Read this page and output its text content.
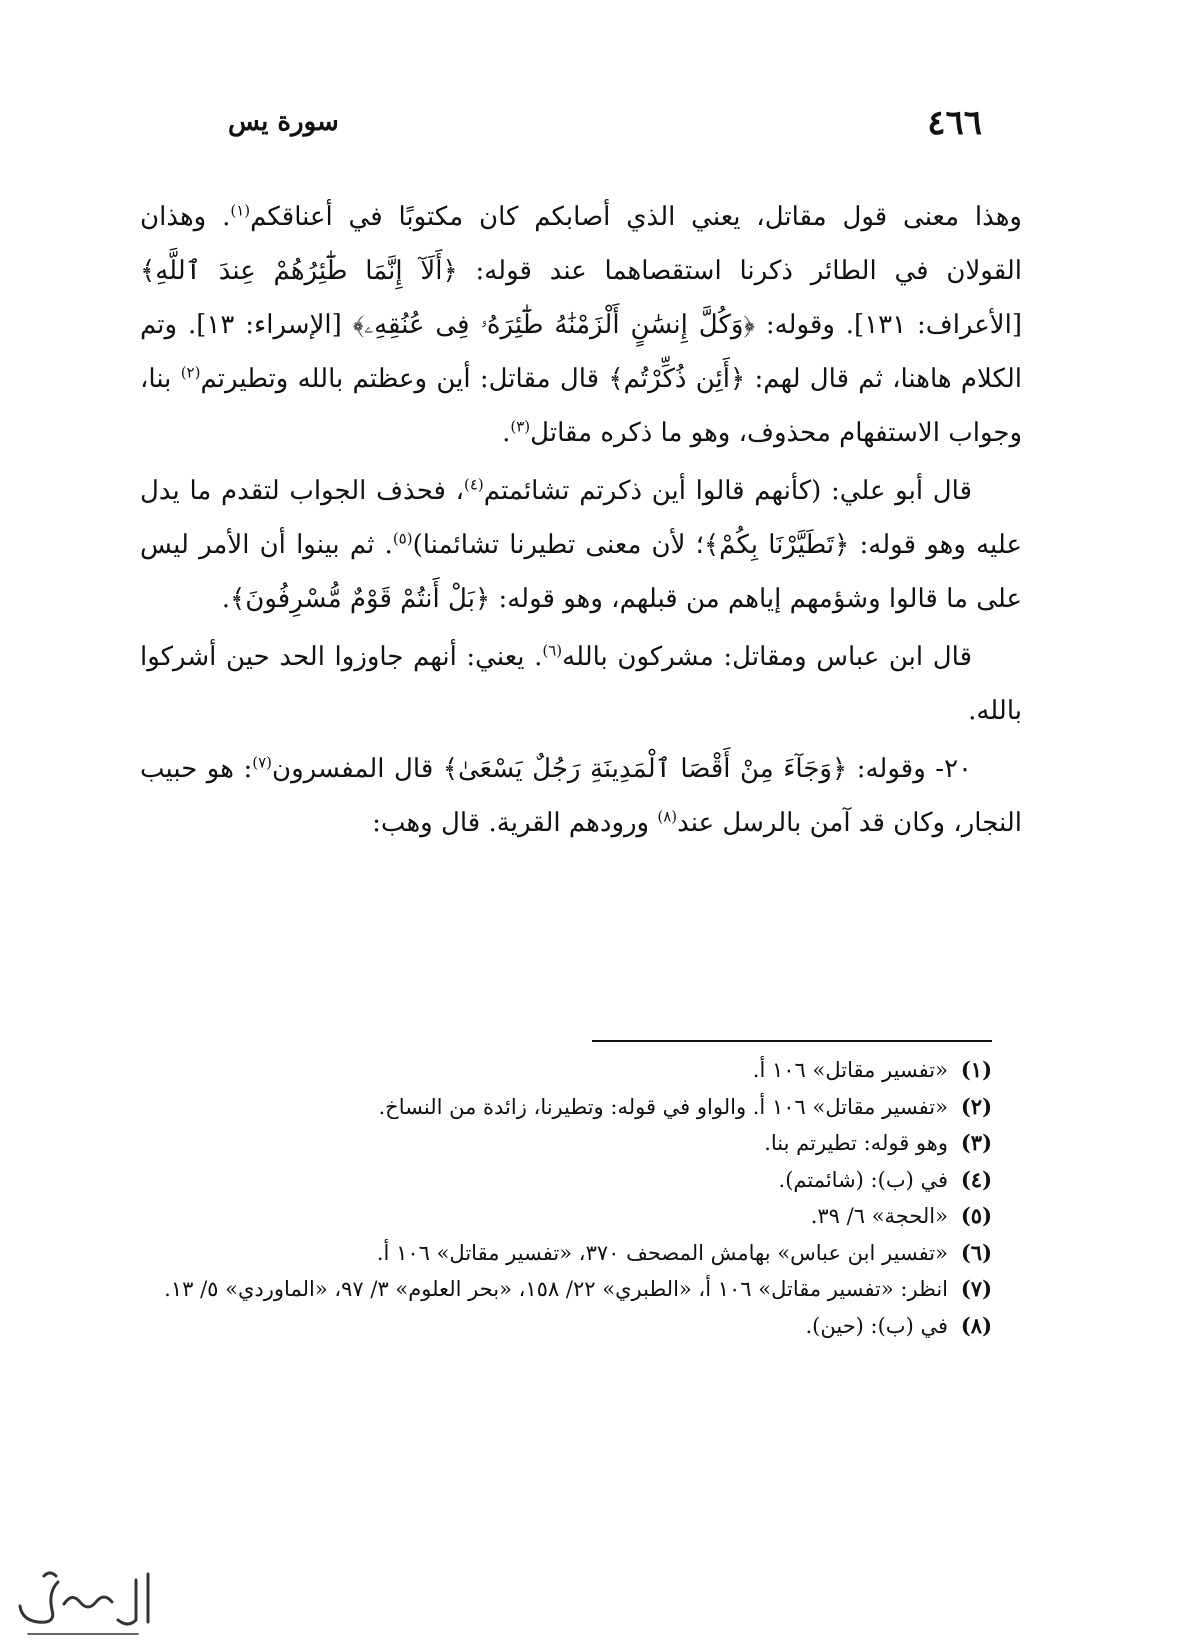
٤٦٦
سورة يس

وهذا معنى قول مقاتل، يعني الذي أصابكم كان مكتوبًا في أعناقكم$^{(١)}$. وهذان القولان في الطائر ذكرنا استقصاهما عند قوله: ﴿أَلَآ إِنَّمَا طَٰٓئِرُهُمْ عِندَ ٱللَّهِ﴾ [الأعراف: ١٣١]. وقوله: ﴿وَكُلَّ إِنسَٰنٍ أَلْزَمْنَٰهُ طَٰٓئِرَهُۥ فِى عُنُقِهِۦ﴾ [الإسراء: ١٣]. وتم الكلام هاهنا، ثم قال لهم: ﴿أَئِن ذُكِّرْتُم﴾ قال مقاتل: أين وعظتم بالله وتطيرتم$^{(٢)}$ بنا، وجواب الاستفهام محذوف، وهو ما ذكره مقاتل$^{(٣)}$.

قال أبو علي: (كأنهم قالوا أين ذكرتم تشائمتم$^{(٤)}$، فحذف الجواب لتقدم ما يدل عليه وهو قوله: ﴿تَطَيَّرْنَا بِكُمْ﴾؛ لأن معنى تطيرنا تشائمنا)$^{(٥)}$. ثم بينوا أن الأمر ليس على ما قالوا وشؤمهم إياهم من قبلهم، وهو قوله: ﴿بَلْ أَنتُمْ قَوْمٌ مُّسْرِفُونَ﴾.

قال ابن عباس ومقاتل: مشركون بالله$^{(٦)}$. يعني: أنهم جاوزوا الحد حين أشركوا بالله.

٢٠- وقوله: ﴿وَجَآءَ مِنْ أَقْصَا ٱلْمَدِينَةِ رَجُلٌ يَسْعَىٰ﴾ قال المفسرون$^{(٧)}$: هو حبيب النجار، وكان قد آمن بالرسل عند$^{(٨)}$ ورودهم القرية. قال وهب:

(١)
«تفسير مقاتل» ١٠٦ أ.
(٢)
«تفسير مقاتل» ١٠٦ أ. والواو في قوله: وتطيرنا، زائدة من النساخ.
(٣)
وهو قوله: تطيرتم بنا.
(٤)
في (ب): (شائمتم).
(٥)
«الحجة» ٦/ ٣٩.
(٦)
«تفسير ابن عباس» بهامش المصحف ٣٧٠، «تفسير مقاتل» ١٠٦ أ.
(٧)
انظر: «تفسير مقاتل» ١٠٦ أ، «الطبري» ٢٢/ ١٥٨، «بحر العلوم» ٣/ ٩٧، «الماوردي» ٥/ ١٣.
(٨)
في (ب): (حين).
